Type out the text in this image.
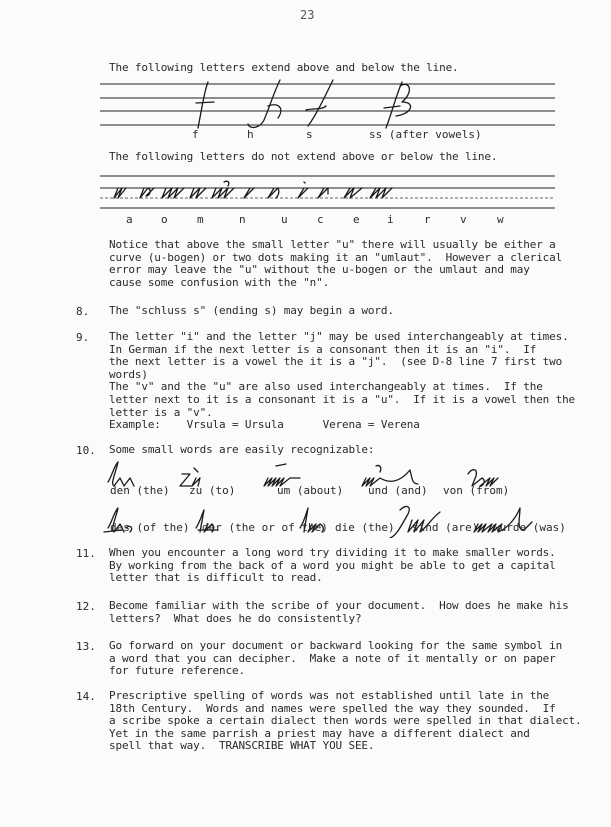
23
The following letters extend above and below the line.
f	h	s	ss (after vowels)
The following letters do not extend above or below the line.
a	o	m	n	u	c	e i	r	v	w
Notice that above the small letter "u" there will usually be either a
curve (u-bogen) or two dots making it an "umlaut".  However a clerical
error may leave the "u" without the u-bogen or the umlaut and may
cause some confusion with the "n".
8. The "schluss s" (ending s) may begin a word.
9. The letter "i" and the letter "j" may be used interchangeably at times.
In German if the next letter is a consonant then it is an "i".  If
the next letter is a vowel the it is a "j".  (see D-8 line 7 first two
words)
The "v" and the "u" are also used interchangeably at times.  If the
letter next to it is a consonant it is a "u".  If it is a vowel then the
letter is a "v".
Example:    Vrsula = Ursula      Verena = Verena
10. Some small words are easily recognizable:
den (the) zu (to)	um (about) und (and) von (from)
des (of the) der (the or of the) die (the) sind (are) wurde (was)
11. When you encounter a long word try dividing it to make smaller words.
By working from the back of a word you might be able to get a capital
letter that is difficult to read.
12. Become familiar with the scribe of your document.  How does he make his
letters?  What does he do consistently?
13. Go forward on your document or backward looking for the same symbol in
a word that you can decipher.  Make a note of it mentally or on paper
for future reference.
14. Prescriptive spelling of words was not established until late in the
18th Century.  Words and names were spelled the way they sounded.  If
a scribe spoke a certain dialect then words were spelled in that dialect.
Yet in the same parrish a priest may have a different dialect and
spell that way.  TRANSCRIBE WHAT YOU SEE.
